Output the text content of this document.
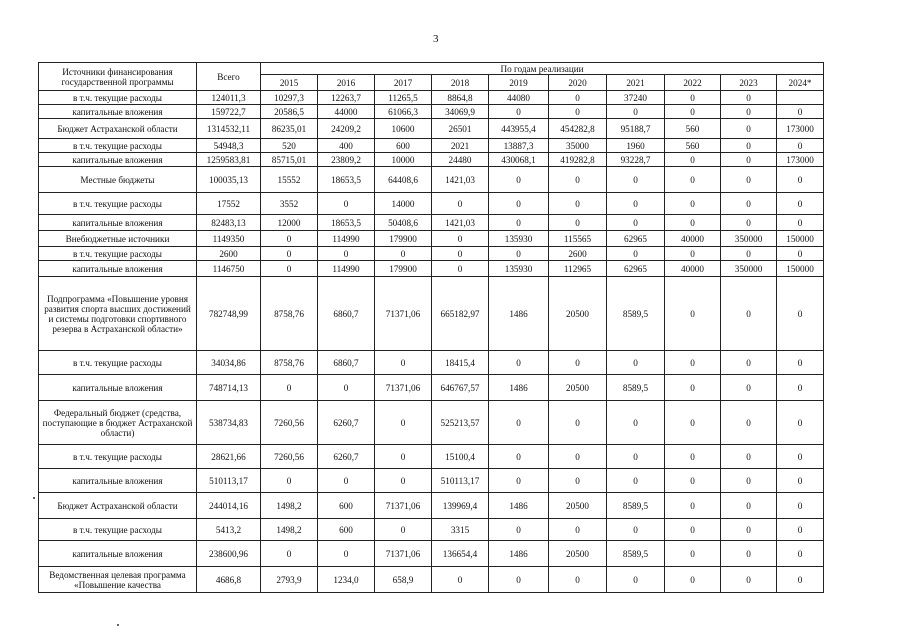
3
Источники финансирования государственной программы	Всего	По годам реализации									
		2015	2016	2017	2018	2019	2020	2021	2022	2023	2024*
в т.ч. текущие расходы	124011,3	10297,3	12263,7	11265,5	8864,8	44080	0	37240	0	0	
капитальные вложения	159722,7	20586,5	44000	61066,3	34069,9	0	0	0	0	0	0
Бюджет Астраханской области	1314532,11	86235,01	24209,2	10600	26501	443955,4	454282,8	95188,7	560	0	173000
в т.ч. текущие расходы	54948,3	520	400	600	2021	13887,3	35000	1960	560	0	0
капитальные вложения	1259583,81	85715,01	23809,2	10000	24480	430068,1	419282,8	93228,7	0	0	173000
Местные бюджеты	100035,13	15552	18653,5	64408,6	1421,03	0	0	0	0	0	0
в т.ч. текущие расходы	17552	3552	0	14000	0	0	0	0	0	0	0
капитальные вложения	82483,13	12000	18653,5	50408,6	1421,03	0	0	0	0	0	0
Внебюджетные источники	1149350	0	114990	179900	0	135930	115565	62965	40000	350000	150000
в т.ч. текущие расходы	2600	0	0	0	0	0	2600	0	0	0	0
капитальные вложения	1146750	0	114990	179900	0	135930	112965	62965	40000	350000	150000
Подпрограмма «Повышение уровня развития спорта высших достижений и системы подготовки спортивного резерва в Астраханской области»	782748,99	8758,76	6860,7	71371,06	665182,97	1486	20500	8589,5	0	0	0
в т.ч. текущие расходы	34034,86	8758,76	6860,7	0	18415,4	0	0	0	0	0	0
капитальные вложения	748714,13	0	0	71371,06	646767,57	1486	20500	8589,5	0	0	0
Федеральный бюджет (средства, поступающие в бюджет Астраханской области)	538734,83	7260,56	6260,7	0	525213,57	0	0	0	0	0	0
в т.ч. текущие расходы	28621,66	7260,56	6260,7	0	15100,4	0	0	0	0	0	0
капитальные вложения	510113,17	0	0	0	510113,17	0	0	0	0	0	0
Бюджет Астраханской области	244014,16	1498,2	600	71371,06	139969,4	1486	20500	8589,5	0	0	0
в т.ч. текущие расходы	5413,2	1498,2	600	0	3315	0	0	0	0	0	0
капитальные вложения	238600,96	0	0	71371,06	136654,4	1486	20500	8589,5	0	0	0
Ведомственная целевая программа «Повышение качества	4686,8	2793,9	1234,0	658,9	0	0	0	0	0	0	0
